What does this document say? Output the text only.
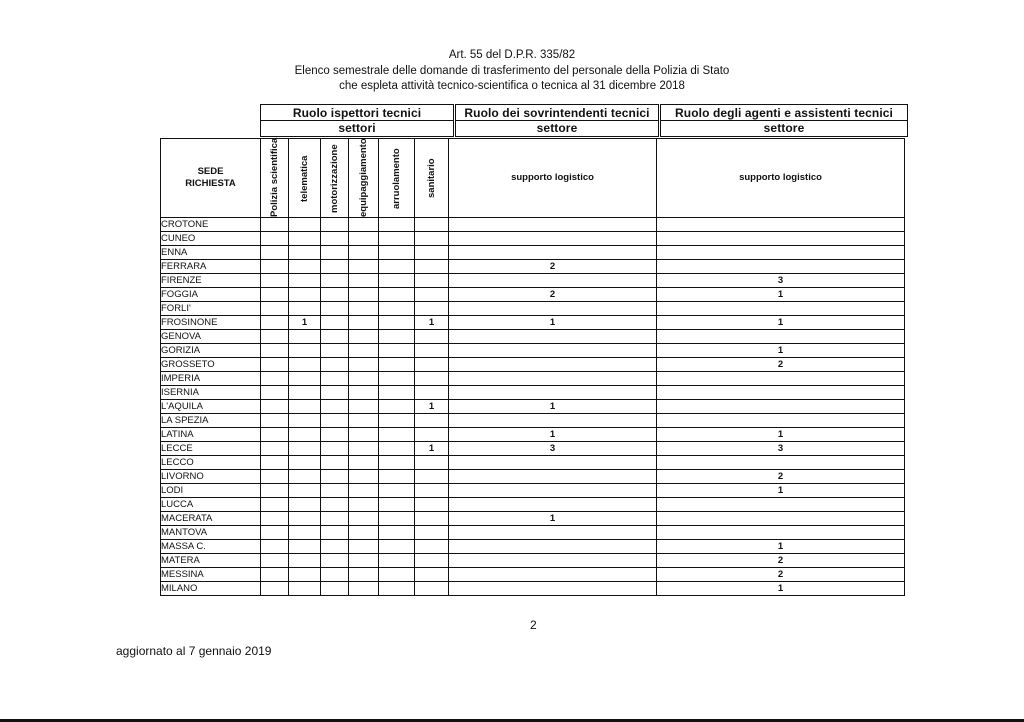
Art. 55 del D.P.R. 335/82
Elenco semestrale delle domande di trasferimento del personale della Polizia di Stato
che espleta attività tecnico-scientifica o tecnica al 31 dicembre 2018
Ruolo ispettori tecnici
settori
Ruolo dei sovrintendenti tecnici
settore
Ruolo degli agenti e assistenti tecnici
settore
SEDE
RICHIESTA	Polizia scientifica	telematica	motorizzazione	equipaggiamento	arruolamento	sanitario	supporto logistico	supporto logistico
CROTONE								
CUNEO								
ENNA								
FERRARA							2	
FIRENZE								3
FOGGIA							2	1
FORLI'								
FROSINONE		1				1	1	1
GENOVA								
GORIZIA								1
GROSSETO								2
IMPERIA								
ISERNIA								
L'AQUILA						1	1	
LA SPEZIA								
LATINA							1	1
LECCE						1	3	3
LECCO								
LIVORNO								2
LODI								1
LUCCA								
MACERATA							1	
MANTOVA								
MASSA C.								1
MATERA								2
MESSINA								2
MILANO								1
2
aggiornato al 7 gennaio 2019
